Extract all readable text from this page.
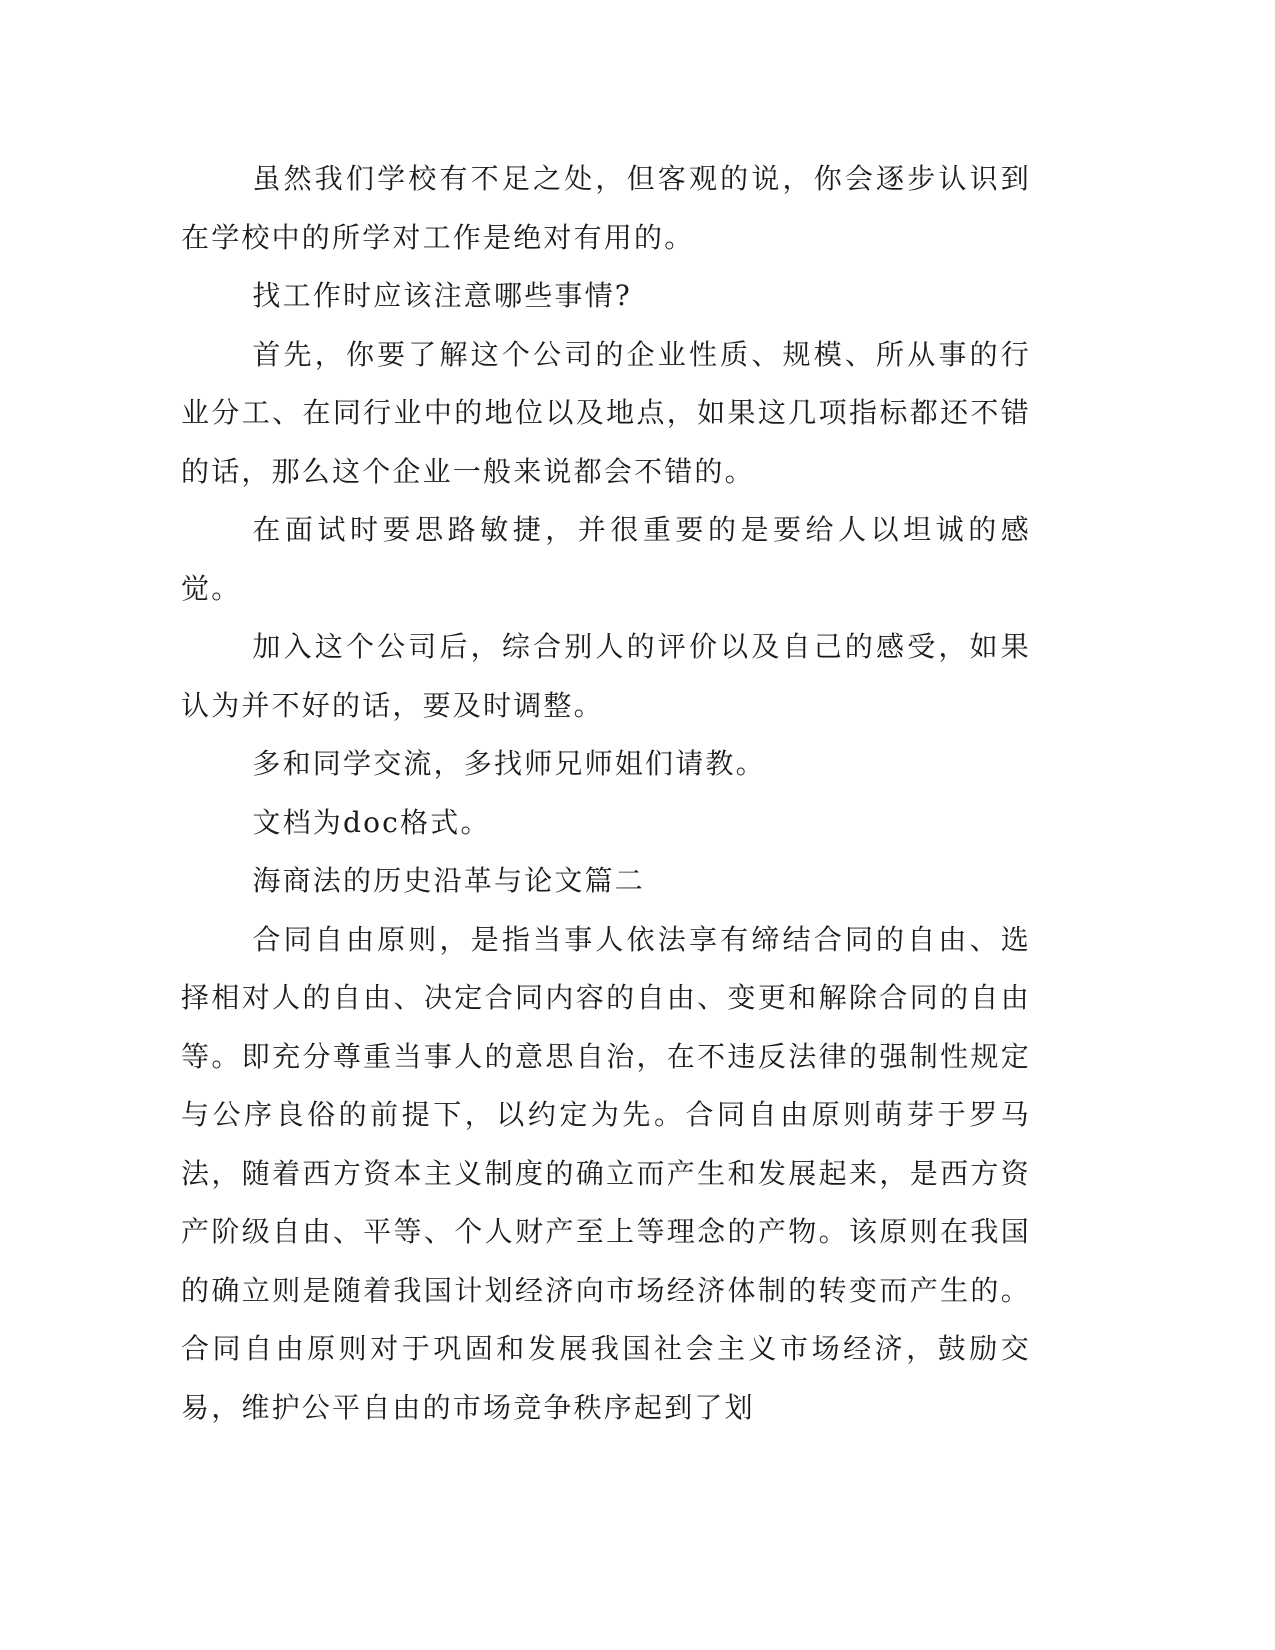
虽然我们学校有不足之处，但客观的说，你会逐步认识到在学校中的所学对工作是绝对有用的。

找工作时应该注意哪些事情?

首先，你要了解这个公司的企业性质、规模、所从事的行业分工、在同行业中的地位以及地点，如果这几项指标都还不错的话，那么这个企业一般来说都会不错的。

在面试时要思路敏捷，并很重要的是要给人以坦诚的感觉。

加入这个公司后，综合别人的评价以及自己的感受，如果认为并不好的话，要及时调整。

多和同学交流，多找师兄师姐们请教。

文档为doc格式。

海商法的历史沿革与论文篇二

合同自由原则，是指当事人依法享有缔结合同的自由、选择相对人的自由、决定合同内容的自由、变更和解除合同的自由等。即充分尊重当事人的意思自治，在不违反法律的强制性规定与公序良俗的前提下，以约定为先。合同自由原则萌芽于罗马法，随着西方资本主义制度的确立而产生和发展起来，是西方资产阶级自由、平等、个人财产至上等理念的产物。该原则在我国的确立则是随着我国计划经济向市场经济体制的转变而产生的。合同自由原则对于巩固和发展我国社会主义市场经济，鼓励交易，维护公平自由的市场竞争秩序起到了划
